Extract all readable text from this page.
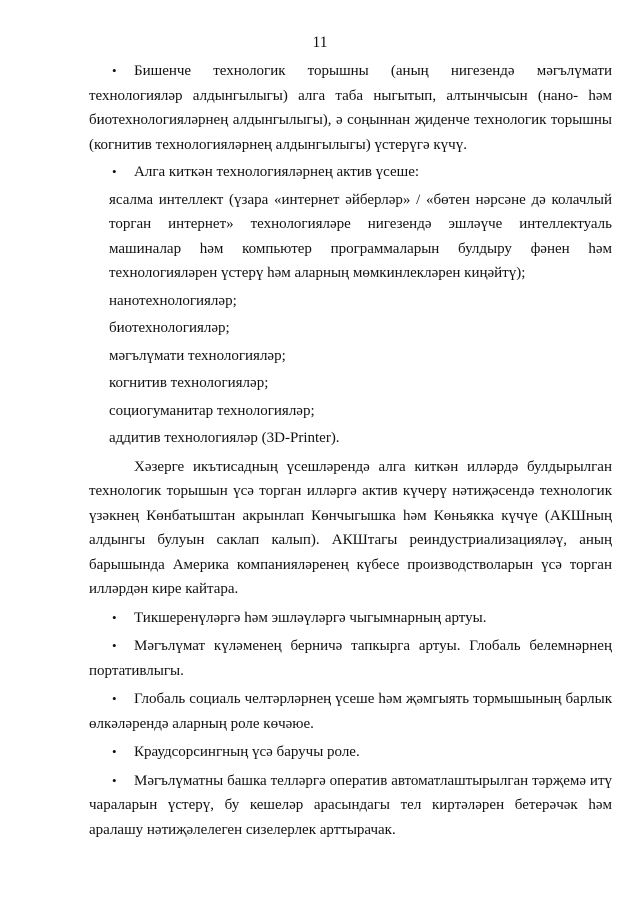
11

• Бишенче технологик торышны (аның нигезендә мәгълүмати технологияләр алдынгылыгы) алга таба ныгытып, алтынчысын (нано- һәм биотехнологияләрнең алдынгылыгы), ә соңыннан җиденче технологик торышны (когнитив технологияләрнең алдынгылыгы) үстерүгә күчү.

• Алга киткән технологияләрнең актив үсеше:

ясалма интеллект (үзара «интернет әйберләр» / «бөтен нәрсәне дә колачлый торган интернет» технологияләре нигезендә эшләүче интеллектуаль машиналар һәм компьютер программаларын булдыру фәнен һәм технологияләрен үстерү һәм аларның мөмкинлекләрен киңәйтү);

нанотехнологияләр;

биотехнологияләр;

мәгълүмати технологияләр;

когнитив технологияләр;

социогуманитар технологияләр;

аддитив технологияләр (3D-Printer).

Хәзерге икътисадның үсешләрендә алга киткән илләрдә булдырылган технологик торышын үсә торган илләргә актив күчерү нәтиҗәсендә технологик үзәкнең Көнбатыштан акрынлап Көнчыгышка һәм Көньякка күчүе (АКШның алдынгы булуын саклап калып). АКШтагы реиндустриализацияләү, аның барышында Америка компанияләренең күбесе производстволарын үсә торган илләрдән кире кайтара.

• Тикшеренүләргә һәм эшләүләргә чыгымнарның артуы.

• Мәгълүмат күләменең берничә тапкырга артуы. Глобаль белемнәрнең портативлыгы.

• Глобаль социаль челтәрләрнең үсеше һәм җәмгыять тормышының барлык өлкәләрендә аларның роле көчәюе.

• Краудсорсингның үсә баручы роле.

• Мәгълүматны башка телләргә оператив автоматлаштырылган тәрҗемә итү чараларын үстерү, бу кешеләр арасындагы тел киртәләрен бетерәчәк һәм аралашу нәтиҗәлелеген сизелерлек арттырачак.
